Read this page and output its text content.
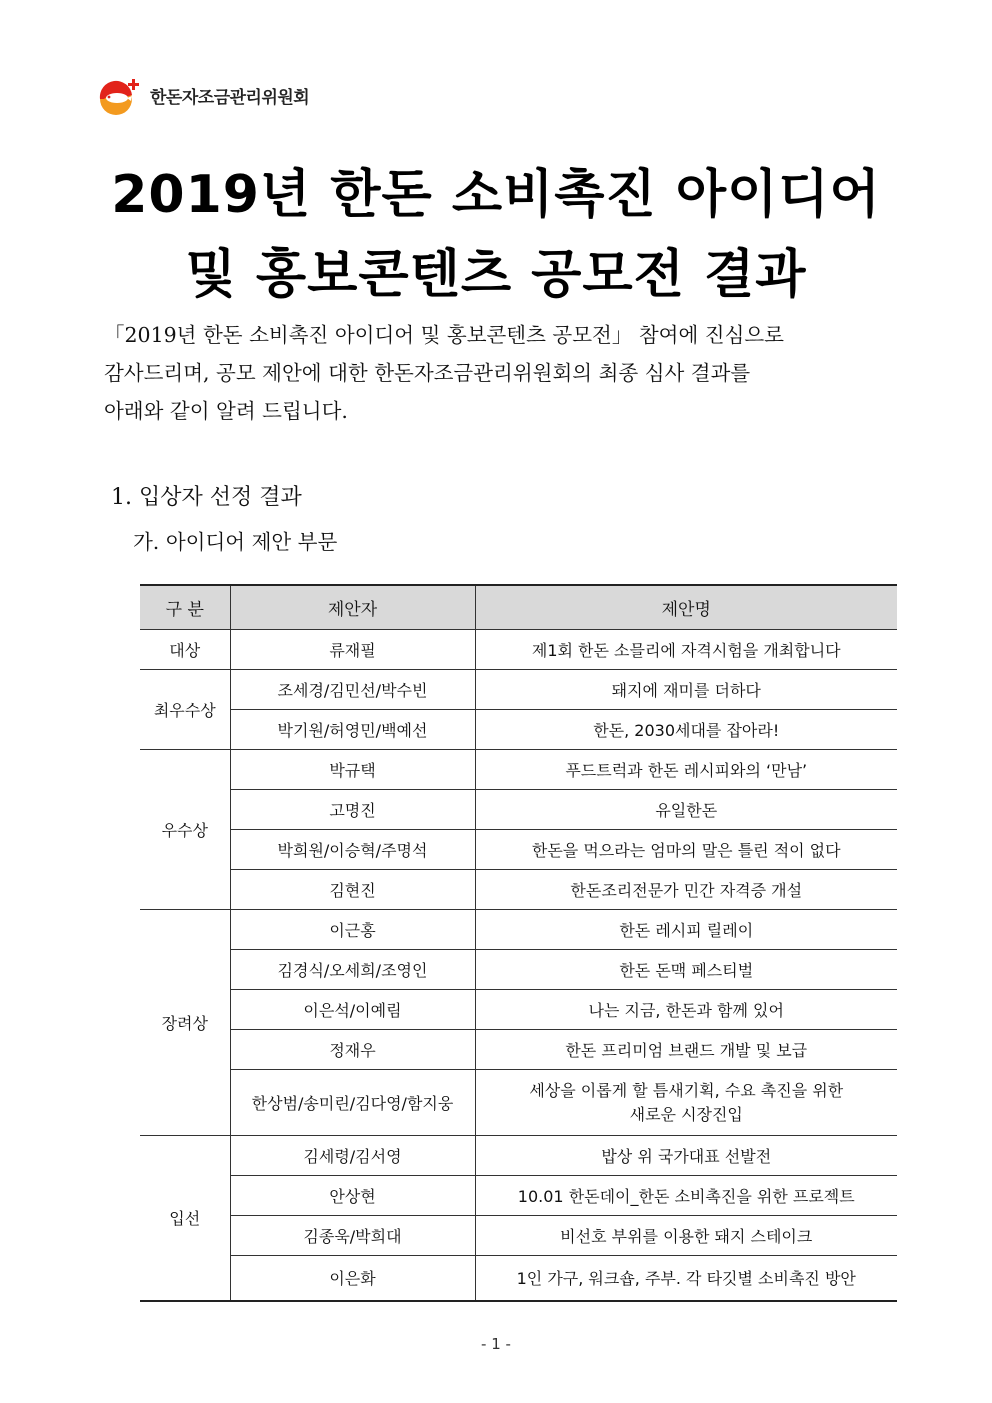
한돈자조금관리위원회
2019년 한돈 소비촉진 아이디어
및 홍보콘텐츠 공모전 결과
「2019년 한돈 소비촉진 아이디어 및 홍보콘텐츠 공모전」 참여에 진심으로
감사드리며, 공모 제안에 대한 한돈자조금관리위원회의 최종 심사 결과를
아래와 같이 알려 드립니다.
1. 입상자 선정 결과
가. 아이디어 제안 부문
구 분	제안자	제안명
대상	류재필	제1회 한돈 소믈리에 자격시험을 개최합니다
최우수상	조세경/김민선/박수빈	돼지에 재미를 더하다
	박기원/허영민/백예선	한돈, 2030세대를 잡아라!
우수상	박규택	푸드트럭과 한돈 레시피와의 ‘만남’
	고명진	유일한돈
	박희원/이승혁/주명석	한돈을 먹으라는 엄마의 말은 틀린 적이 없다
	김현진	한돈조리전문가 민간 자격증 개설
장려상	이근홍	한돈 레시피 릴레이
	김경식/오세희/조영인	한돈 돈맥 페스티벌
	이은석/이예림	나는 지금, 한돈과 함께 있어
	정재우	한돈 프리미엄 브랜드 개발 및 보급
	한상범/송미린/김다영/함지웅	세상을 이롭게 할 틈새기획, 수요 촉진을 위한
새로운 시장진입

입선	김세령/김서영	밥상 위 국가대표 선발전
	안상현	10.01 한돈데이_한돈 소비촉진을 위한 프로젝트
	김종욱/박희대	비선호 부위를 이용한 돼지 스테이크
	이은화	1인 가구, 워크숍, 주부. 각 타깃별 소비촉진 방안
- 1 -
